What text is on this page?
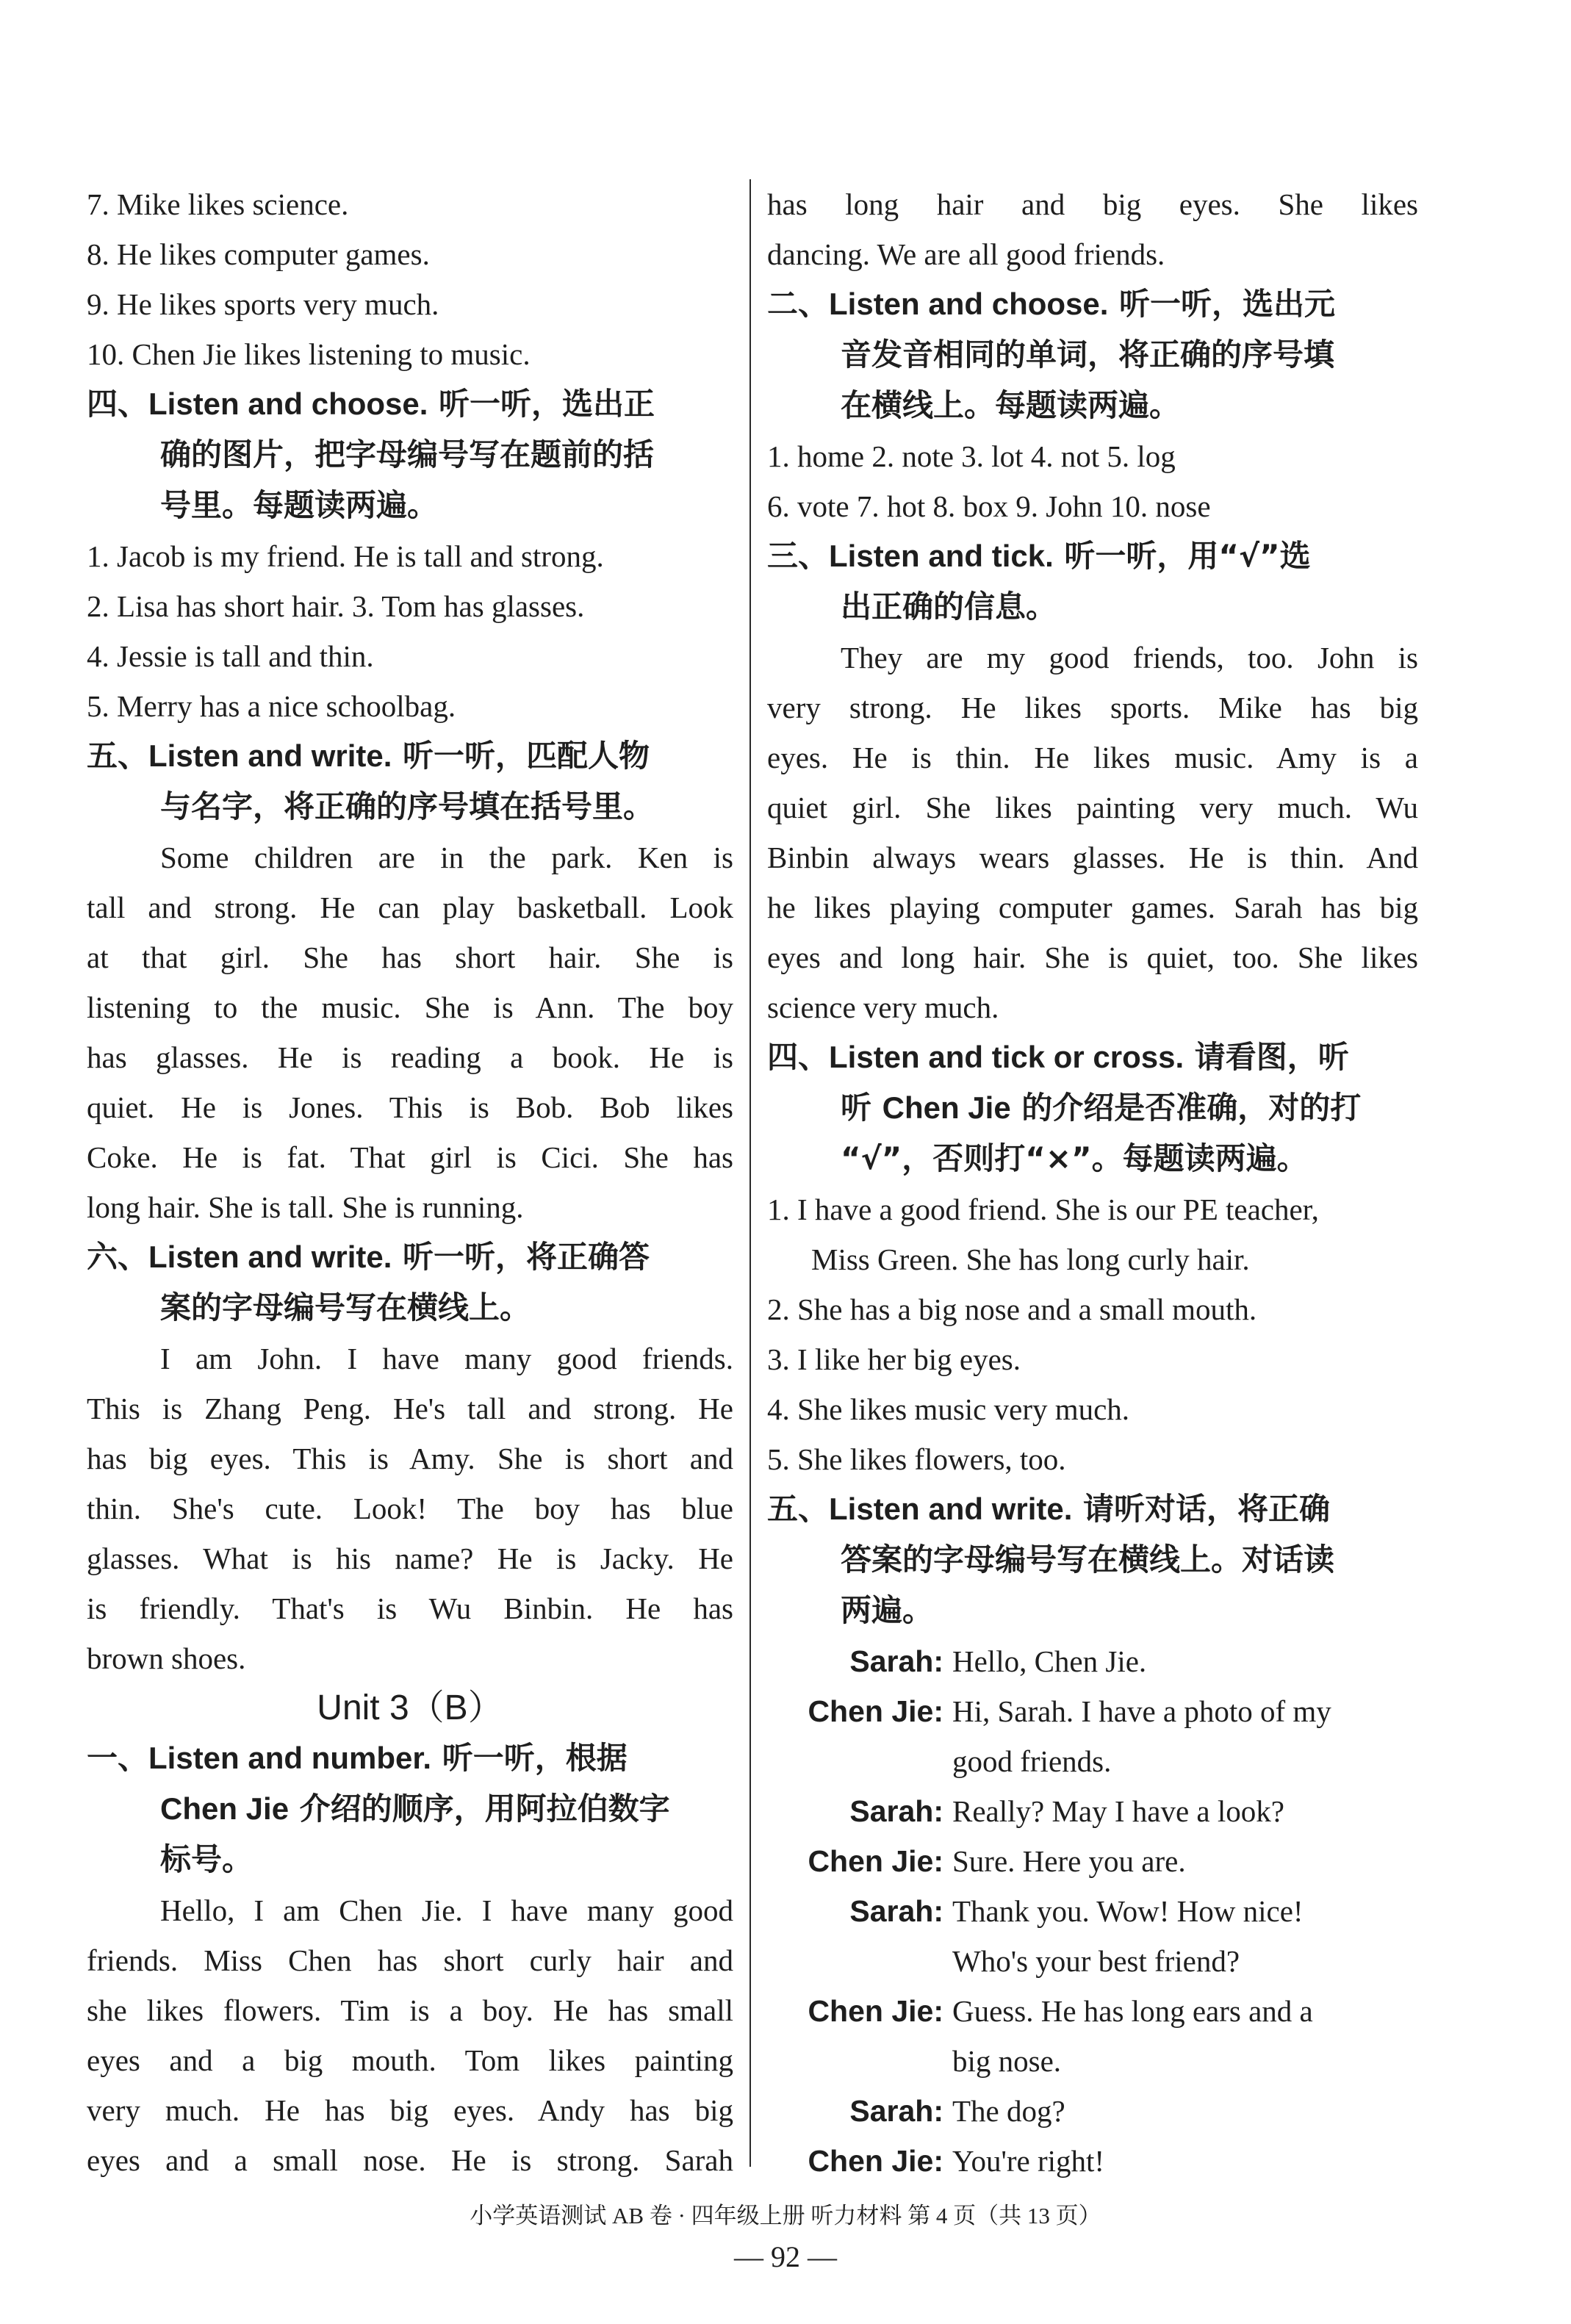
7. Mike likes science.

8. He likes computer games.

9. He likes sports very much.

10. Chen Jie likes listening to music.

四、Listen and choose. 听一听，选出正

确的图片，把字母编号写在题前的括

号里。每题读两遍。

1. Jacob is my friend. He is tall and strong.

2. Lisa has short hair. 3. Tom has glasses.

4. Jessie is tall and thin.

5. Merry has a nice schoolbag.

五、Listen and write. 听一听，匹配人物

与名字，将正确的序号填在括号里。

Some children are in the park. Ken is

tall and strong. He can play basketball. Look

at that girl. She has short hair. She is

listening to the music. She is Ann. The boy

has glasses. He is reading a book. He is

quiet. He is Jones. This is Bob. Bob likes

Coke. He is fat. That girl is Cici. She has

long hair. She is tall. She is running.

六、Listen and write. 听一听，将正确答

案的字母编号写在横线上。

I am John. I have many good friends.

This is Zhang Peng. He's tall and strong. He

has big eyes. This is Amy. She is short and

thin. She's cute. Look! The boy has blue

glasses. What is his name? He is Jacky. He

is friendly. That's is Wu Binbin. He has

brown shoes.

Unit 3（B）

一、Listen and number. 听一听，根据

Chen Jie 介绍的顺序，用阿拉伯数字

标号。

Hello, I am Chen Jie. I have many good

friends. Miss Chen has short curly hair and

she likes flowers. Tim is a boy. He has small

eyes and a big mouth. Tom likes painting

very much. He has big eyes. Andy has big

eyes and a small nose. He is strong. Sarah

has long hair and big eyes. She likes

dancing. We are all good friends.

二、Listen and choose. 听一听，选出元

音发音相同的单词，将正确的序号填

在横线上。每题读两遍。

1. home 2. note 3. lot 4. not 5. log

6. vote 7. hot 8. box 9. John 10. nose

三、Listen and tick. 听一听，用“√”选

出正确的信息。

They are my good friends, too. John is

very strong. He likes sports. Mike has big

eyes. He is thin. He likes music. Amy is a

quiet girl. She likes painting very much. Wu

Binbin always wears glasses. He is thin. And

he likes playing computer games. Sarah has big

eyes and long hair. She is quiet, too. She likes

science very much.

四、Listen and tick or cross. 请看图，听

听 Chen Jie 的介绍是否准确，对的打

“√”，否则打“×”。每题读两遍。

1. I have a good friend. She is our PE teacher,

Miss Green. She has long curly hair.

2. She has a big nose and a small mouth.

3. I like her big eyes.

4. She likes music very much.

5. She likes flowers, too.

五、Listen and write. 请听对话，将正确

答案的字母编号写在横线上。对话读

两遍。

Sarah: Hello, Chen Jie.
Chen Jie: Hi, Sarah. I have a photo of my
good friends.
Sarah: Really? May I have a look?
Chen Jie: Sure. Here you are.
Sarah: Thank you. Wow! How nice!
Who's your best friend?
Chen Jie: Guess. He has long ears and a
big nose.
Sarah: The dog?
Chen Jie: You're right!
小学英语测试 AB 卷 · 四年级上册 听力材料 第 4 页（共 13 页）
— 92 —
